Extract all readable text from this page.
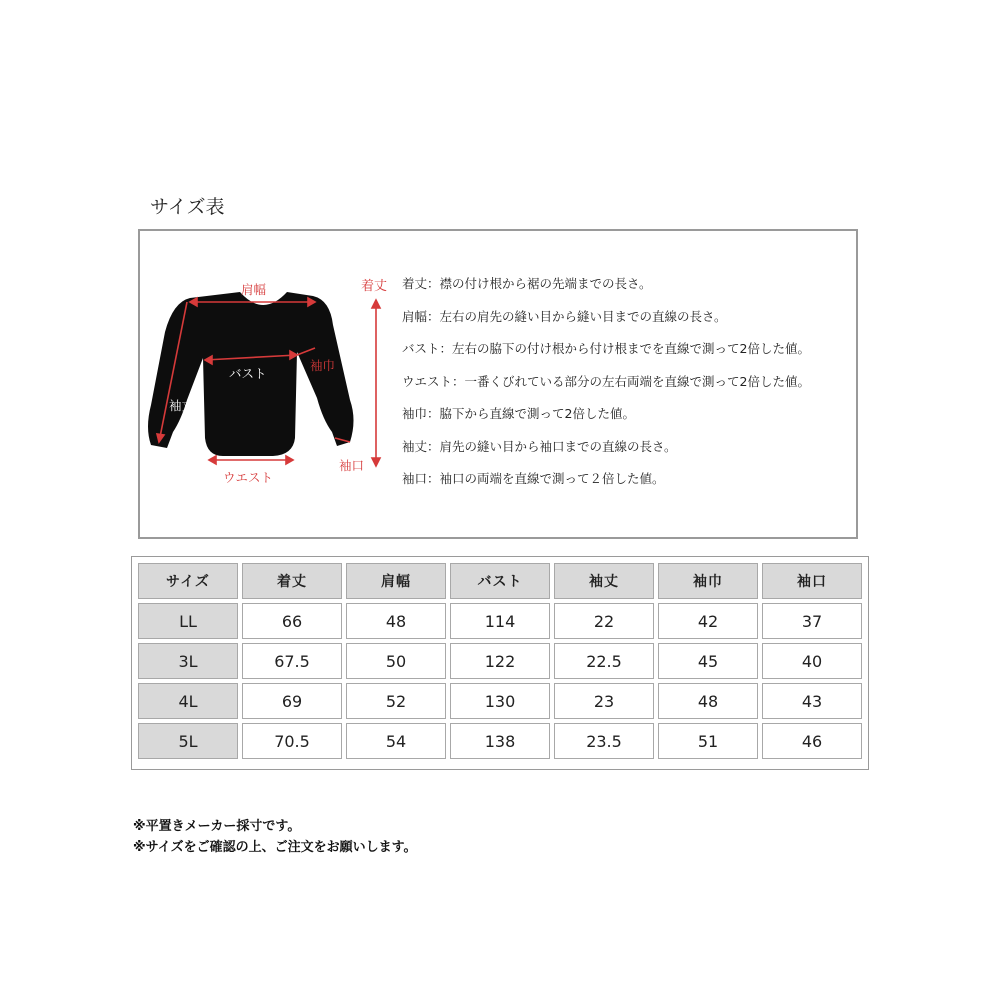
サイズ表
肩幅	着丈
袖巾
袖口
バスト
袖丈
ウエスト
着丈 ： 襟の付け根から裾の先端までの長さ。
肩幅 ： 左右の肩先の縫い目から縫い目までの直線の長さ。
バスト ： 左右の脇下の付け根から付け根までを直線で測って2倍した値。
ウエスト ： 一番くびれている部分の左右両端を直線で測って2倍した値。
袖巾 ： 脇下から直線で測って2倍した値。
袖丈 ： 肩先の縫い目から袖口までの直線の長さ。
袖口 ： 袖口の両端を直線で測って２倍した値。
サイズ	着丈	肩幅	バスト	袖丈	袖巾	袖口
LL	66	48	114	22	42	37
3L	67.5	50	122	22.5	45	40
4L	69	52	130	23	48	43
5L	70.5	54	138	23.5	51	46
※平置きメーカー採寸です。
※サイズをご確認の上、ご注文をお願いします。
